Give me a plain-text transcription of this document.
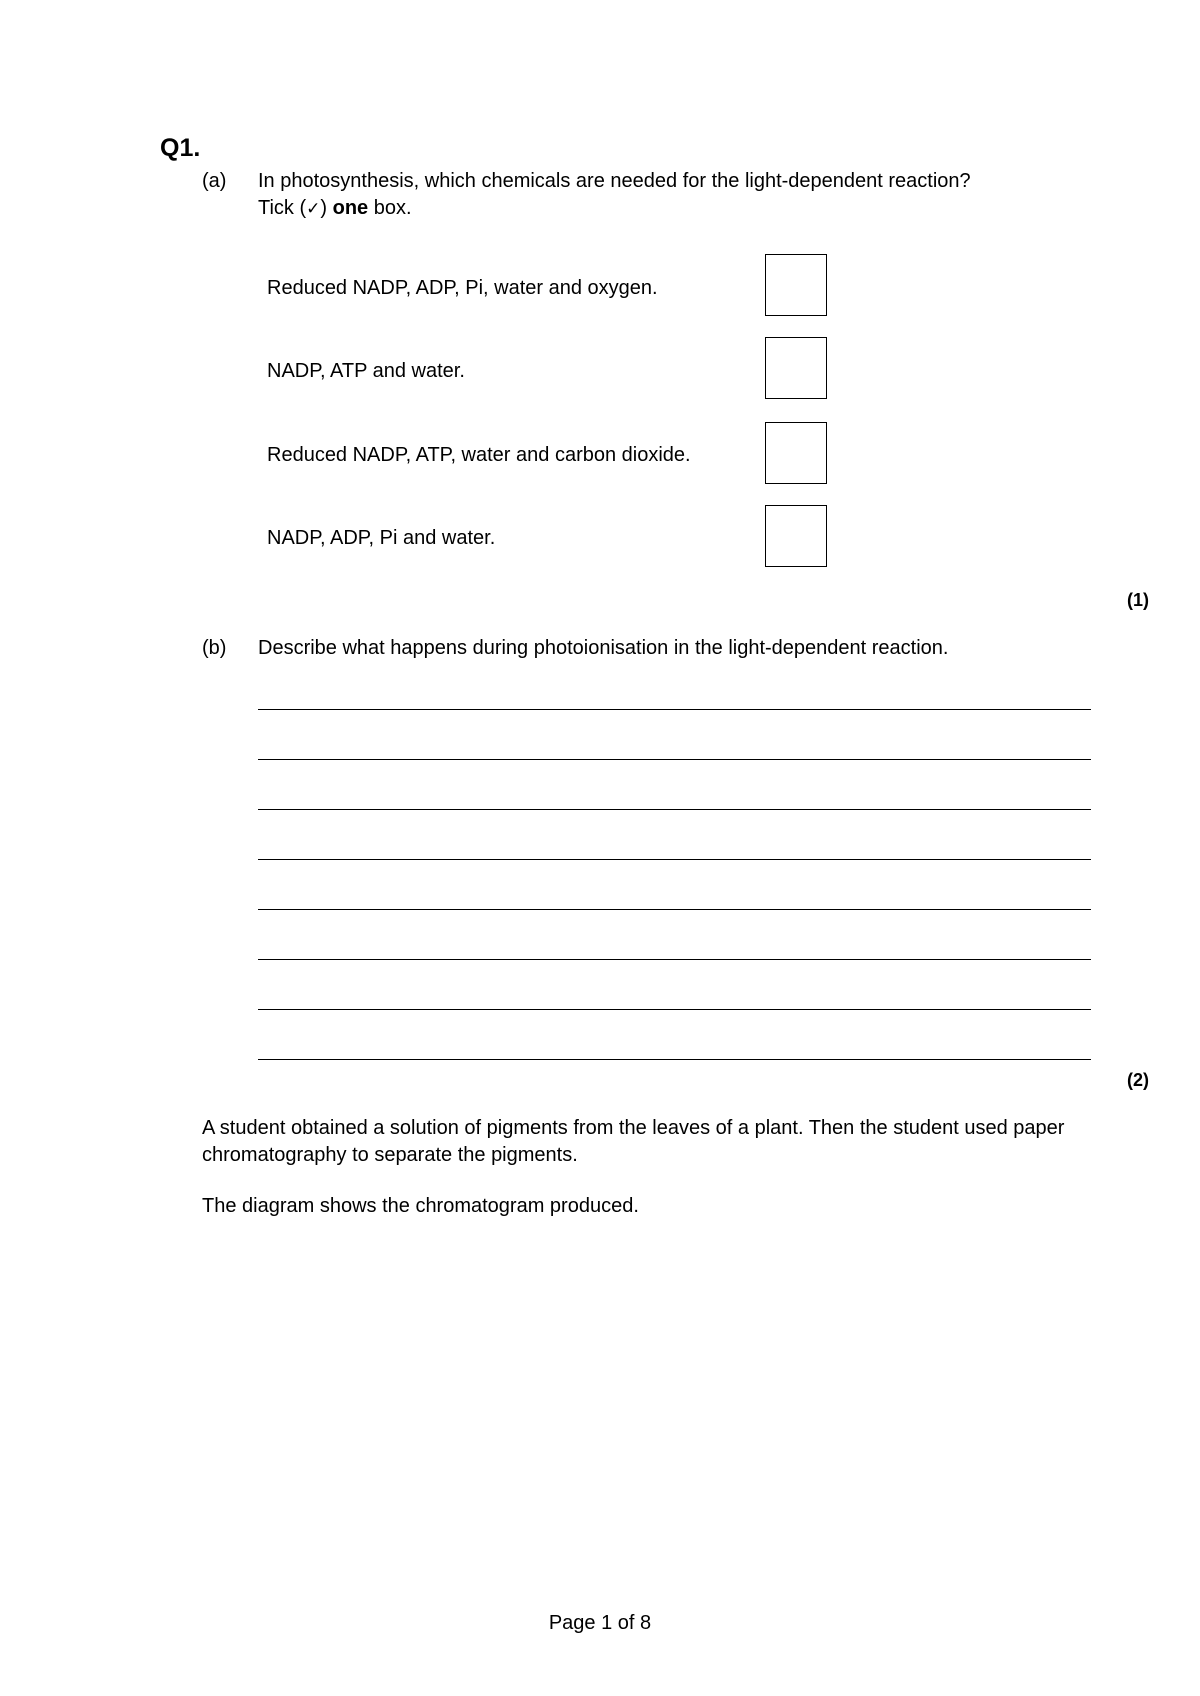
Q1.
(a) In photosynthesis, which chemicals are needed for the light-dependent reaction?
Tick (✓) one box.
Reduced NADP, ADP, Pi, water and oxygen.
NADP, ATP and water.
Reduced NADP, ATP, water and carbon dioxide.
NADP, ADP, Pi and water.
(1)
(b) Describe what happens during photoionisation in the light-dependent reaction.
(2)
A student obtained a solution of pigments from the leaves of a plant. Then the student used paper chromatography to separate the pigments.
The diagram shows the chromatogram produced.
Page 1 of 8
